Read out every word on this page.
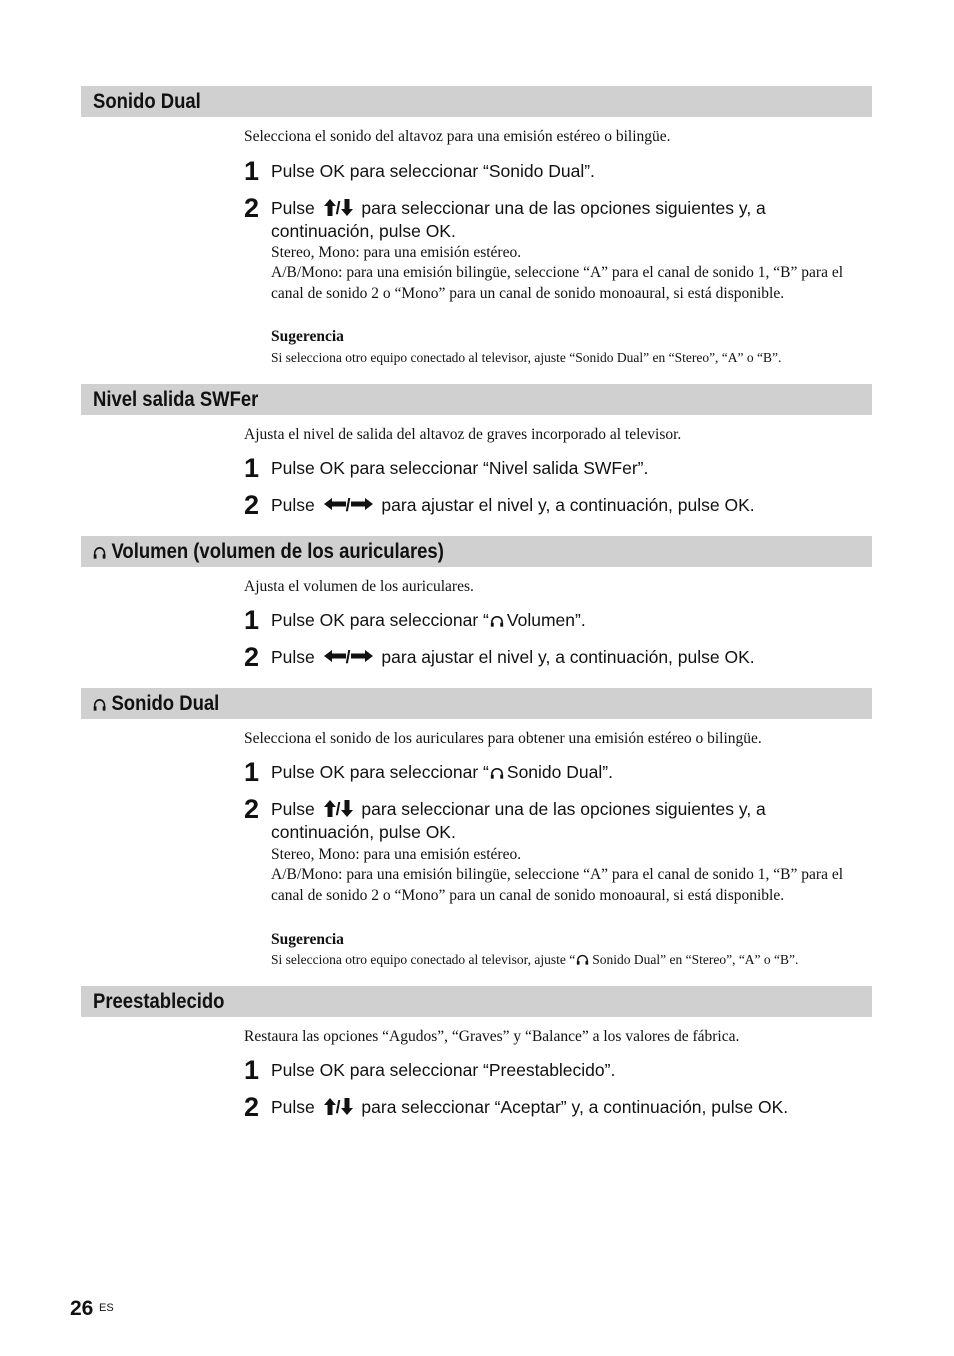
Sonido Dual
Selecciona el sonido del altavoz para una emisión estéreo o bilingüe.
1 Pulse OK para seleccionar “Sonido Dual”.
2 Pulse / para seleccionar una de las opciones siguientes y, a continuación, pulse OK.
Stereo, Mono: para una emisión estéreo.
A/B/Mono: para una emisión bilingüe, seleccione “A” para el canal de sonido 1, “B” para el canal de sonido 2 o “Mono” para un canal de sonido monoaural, si está disponible.
Sugerencia
Si selecciona otro equipo conectado al televisor, ajuste “Sonido Dual” en “Stereo”, “A” o “B”.
Nivel salida SWFer
Ajusta el nivel de salida del altavoz de graves incorporado al televisor.
1 Pulse OK para seleccionar “Nivel salida SWFer”.
2 Pulse / para ajustar el nivel y, a continuación, pulse OK.
Volumen (volumen de los auriculares)
Ajusta el volumen de los auriculares.
1 Pulse OK para seleccionar “ Volumen”.
2 Pulse / para ajustar el nivel y, a continuación, pulse OK.
Sonido Dual
Selecciona el sonido de los auriculares para obtener una emisión estéreo o bilingüe.
1 Pulse OK para seleccionar “ Sonido Dual”.
2 Pulse / para seleccionar una de las opciones siguientes y, a continuación, pulse OK.
Stereo, Mono: para una emisión estéreo.
A/B/Mono: para una emisión bilingüe, seleccione “A” para el canal de sonido 1, “B” para el canal de sonido 2 o “Mono” para un canal de sonido monoaural, si está disponible.
Sugerencia
Si selecciona otro equipo conectado al televisor, ajuste “ Sonido Dual” en “Stereo”, “A” o “B”.
Preestablecido
Restaura las opciones “Agudos”, “Graves” y “Balance” a los valores de fábrica.
1 Pulse OK para seleccionar “Preestablecido”.
2 Pulse / para seleccionar “Aceptar” y, a continuación, pulse OK.
26 ES
